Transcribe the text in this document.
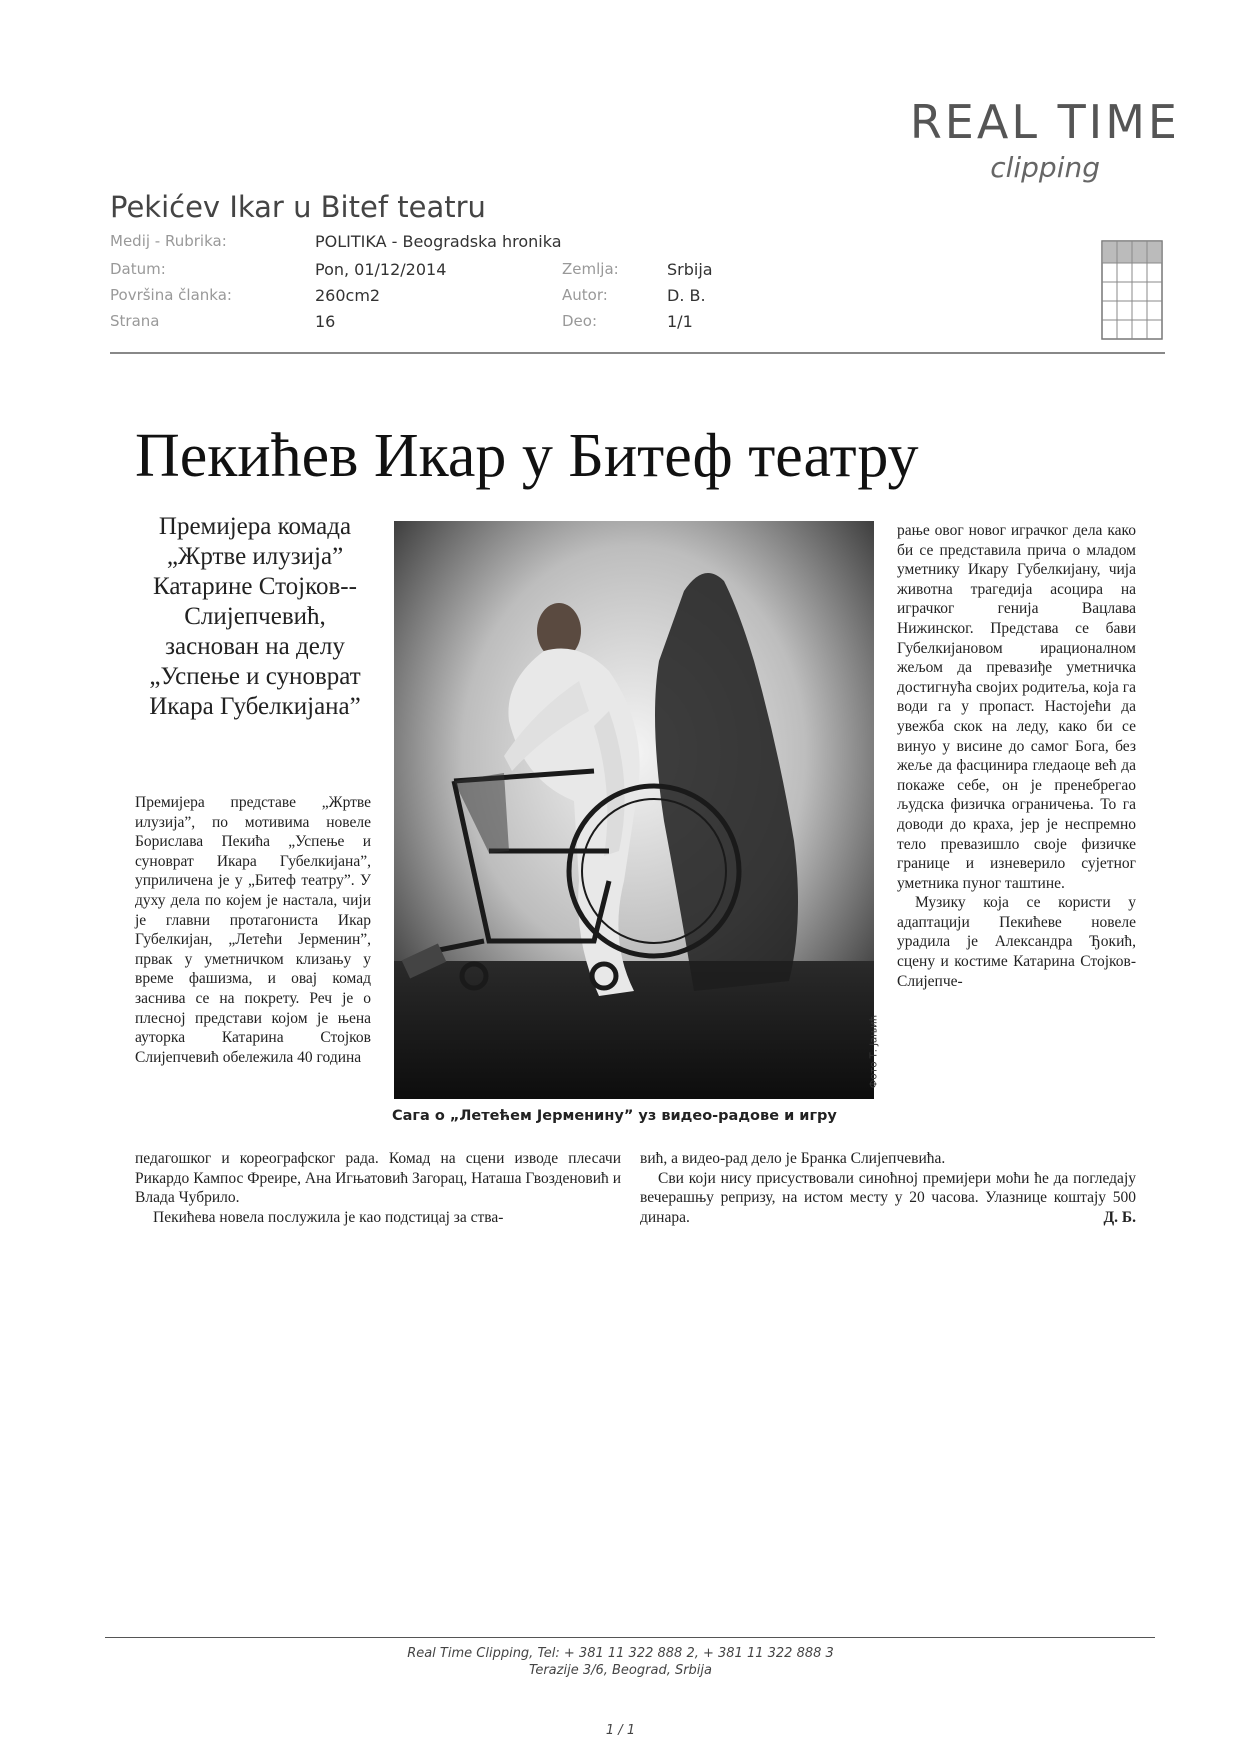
REAL TIME
clipping
Pekićev Ikar u Bitef teatru
Medij - Rubrika:	POLITIKA - Beogradska hronika
Datum:	Pon, 01/12/2014	Zemlja:	Srbija
Površina članka:	260cm2	Autor:	D. B.
Strana	16	Deo:	1/1
Пекићев Икар у Битеф театру
Премијера комада „Жртве илузија” Катарине Стојков--Слијепчевић, заснован на делу „Успење и суноврат Икара Губелкијана”
Фото Т. Јањић
Сага о „Летећем Јерменину” уз видео-радове и игру

Премијера представе „Жртве илузија”, по мотивима новеле Борислава Пекића „Успење и суноврат Икара Губелкијана”, уприличена је у „Битеф театру”. У духу дела по којем је настала, чији је главни протагониста Икар Губелкијан, „Летећи Јерменин”, првак у уметничком клизању у време фашизма, и овај комад заснива се на покрету. Реч је о плесној представи којом је њена ауторка Катарина Стојков Слијепчевић обележила 40 година

рање овог новог играчког дела како би се представила прича о младом уметнику Икару Губелкијану, чија животна трагедија асоцира на играчког генија Вацлава Нижинског. Представа се бави Губелкијановом ирационалном жељом да превазиђе уметничка достигнућа својих родитеља, која га води га у пропаст. Настојећи да увежба скок на леду, како би се винуо у висине до самог Бога, без жеље да фасцинира гледаоце већ да покаже себе, он је пренебрегао људска физичка ограничења. То га доводи до краха, јер је неспремно тело превазишло своје физичке границе и изневерило сујетног уметника пуног таштине.

Музику која се користи у адаптацији Пекићеве новеле урадила је Александра Ђокић, сцену и костиме Катарина Стојков-Слијепче-

педагошког и кореографског рада. Комад на сцени изводе плесачи Рикардо Кампос Фреире, Ана Игњатовић Загорац, Наташа Гвозденовић и Влада Чубрило.

Пекићева новела послужила је као подстицај за ства-

вић, а видео-рад дело је Бранка Слијепчевића.

Сви који нису присуствовали синоћној премијери моћи ће да погледају вечерашњу репризу, на истом месту у 20 часова. Улазнице коштају 500 динара.	Д. Б.

Real Time Clipping, Tel: + 381 11 322 888 2, + 381 11 322 888 3
Terazije 3/6, Beograd, Srbija
1 / 1
